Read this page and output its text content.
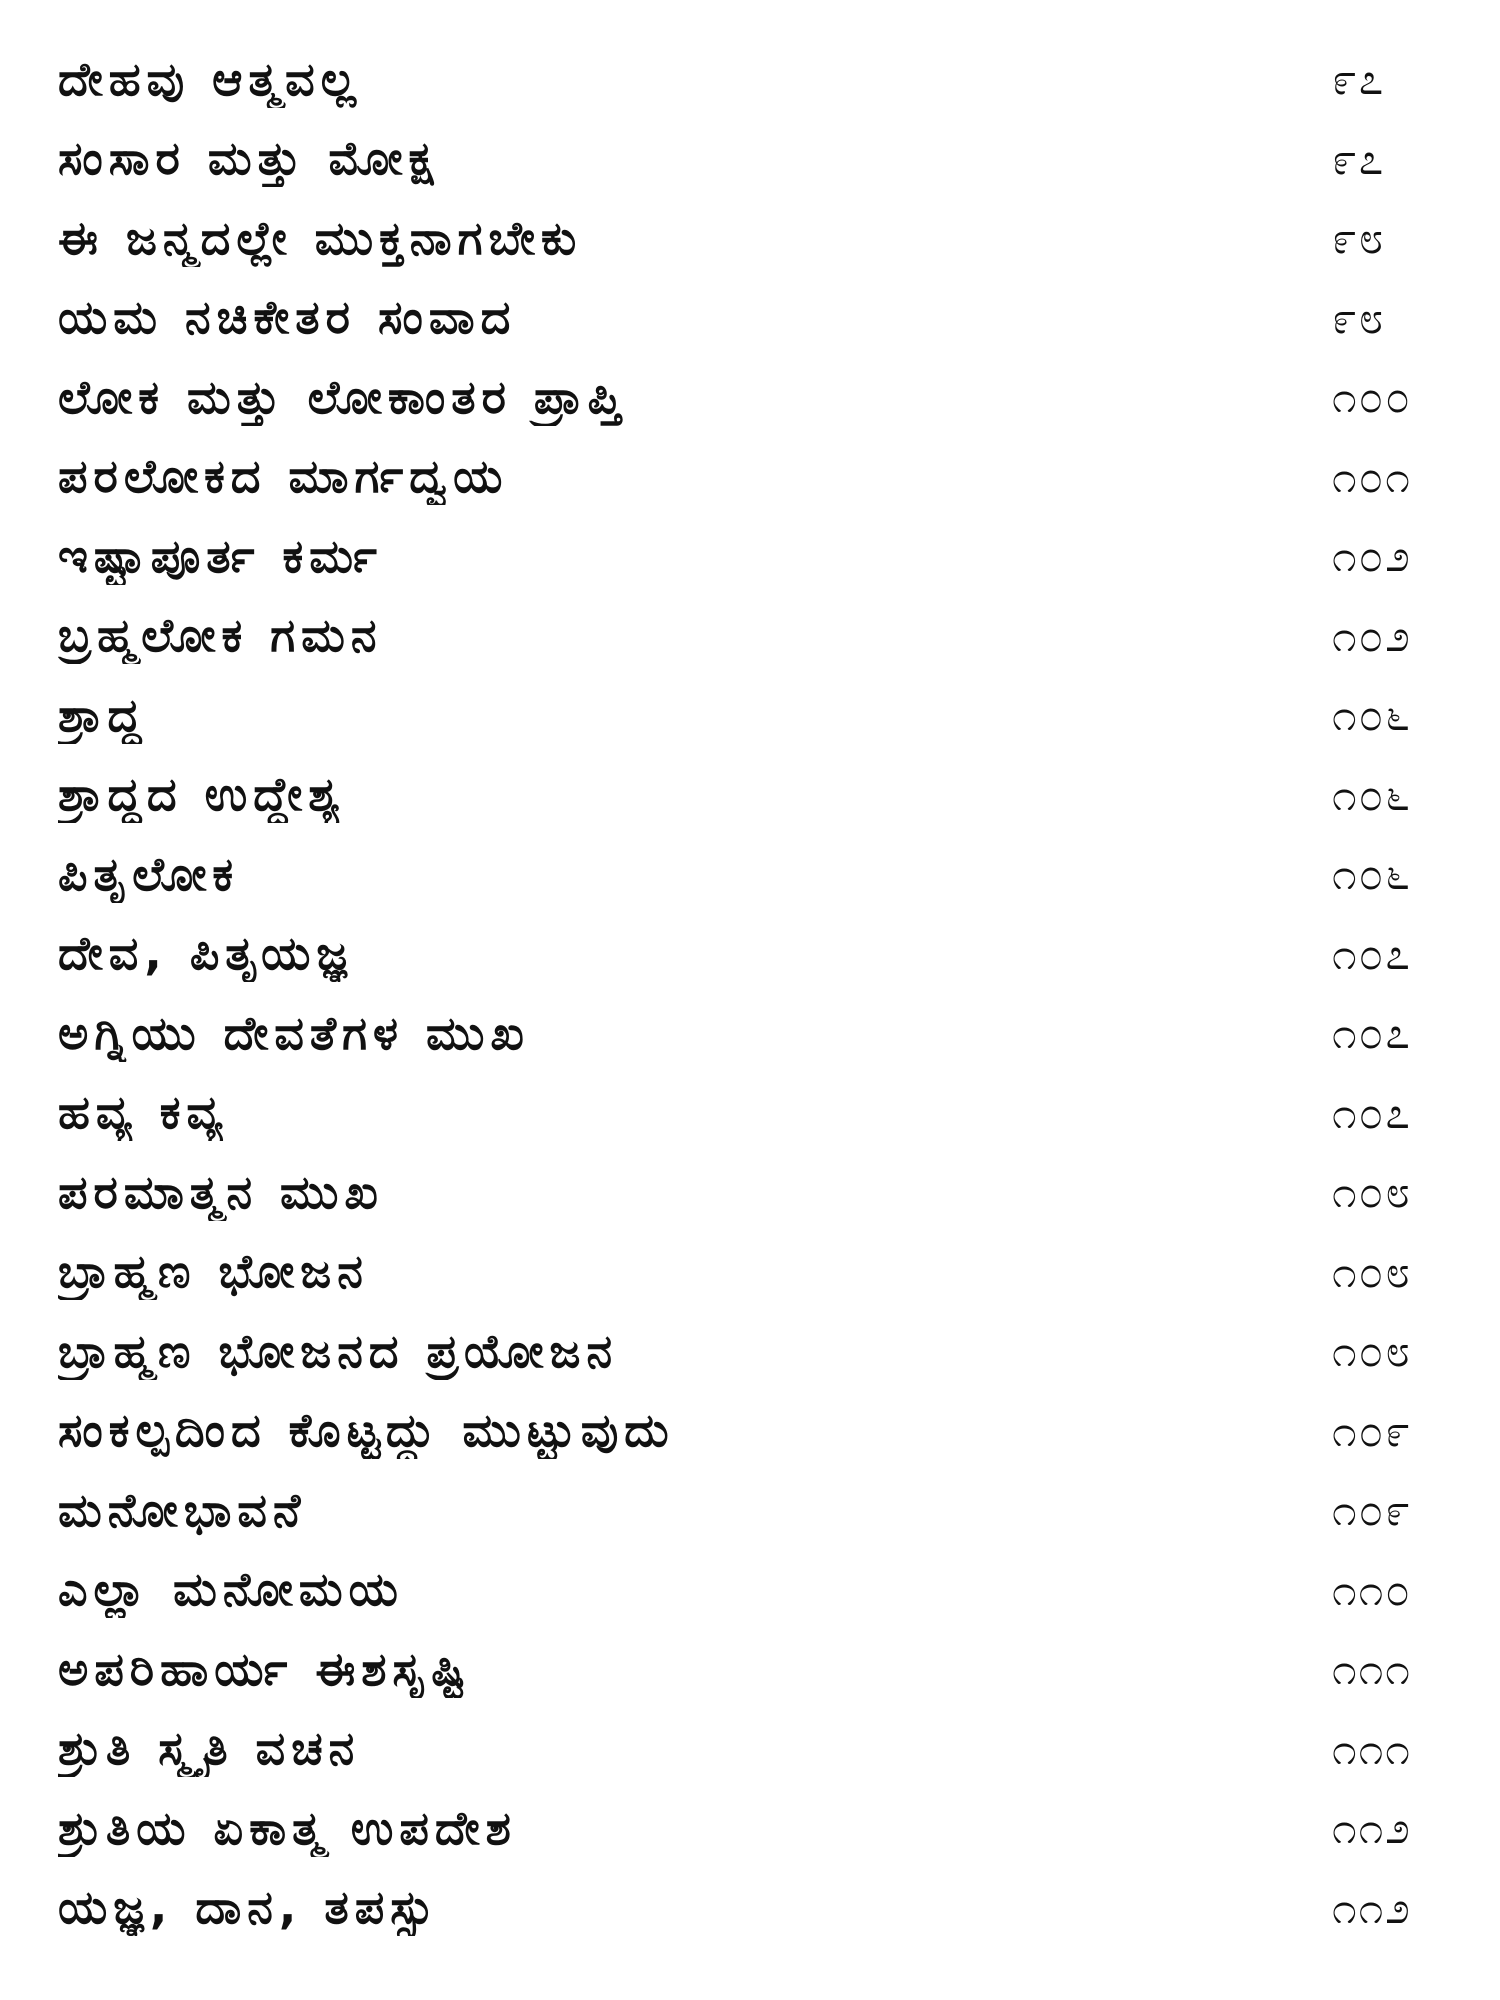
ದೇಹವು ಆತ್ಮವಲ್ಲ	೯೭
ಸಂಸಾರ ಮತ್ತು ಮೋಕ್ಷ	೯೭
ಈ ಜನ್ಮದಲ್ಲೇ ಮುಕ್ತನಾಗಬೇಕು	೯೮
ಯಮ ನಚಿಕೇತರ ಸಂವಾದ	೯೮
ಲೋಕ ಮತ್ತು ಲೋಕಾಂತರ ಪ್ರಾಪ್ತಿ	೧೦೦
ಪರಲೋಕದ ಮಾರ್ಗದ್ವಯ	೧೦೧
ಇಷ್ಟಾಪೂರ್ತ ಕರ್ಮ	೧೦೨
ಬ್ರಹ್ಮಲೋಕ ಗಮನ	೧೦೨
ಶ್ರಾದ್ಧ	೧೦೬
ಶ್ರಾದ್ಧದ ಉದ್ದೇಶ್ಯ	೧೦೬
ಪಿತೃಲೋಕ	೧೦೬
ದೇವ, ಪಿತೃಯಜ್ಞ	೧೦೭
ಅಗ್ನಿಯು ದೇವತೆಗಳ ಮುಖ	೧೦೭
ಹವ್ಯ ಕವ್ಯ	೧೦೭
ಪರಮಾತ್ಮನ ಮುಖ	೧೦೮
ಬ್ರಾಹ್ಮಣ ಭೋಜನ	೧೦೮
ಬ್ರಾಹ್ಮಣ ಭೋಜನದ ಪ್ರಯೋಜನ	೧೦೮
ಸಂಕಲ್ಪದಿಂದ ಕೊಟ್ಟದ್ದು ಮುಟ್ಟುವುದು	೧೦೯
ಮನೋಭಾವನೆ	೧೦೯
ಎಲ್ಲಾ ಮನೋಮಯ	೧೧೦
ಅಪರಿಹಾರ್ಯ ಈಶಸೃಷ್ಟಿ	೧೧೧
ಶ್ರುತಿ ಸ್ಮೃತಿ ವಚನ	೧೧೧
ಶ್ರುತಿಯ ಏಕಾತ್ಮ ಉಪದೇಶ	೧೧೨
ಯಜ್ಞ, ದಾನ, ತಪಸ್ಸು	೧೧೨
